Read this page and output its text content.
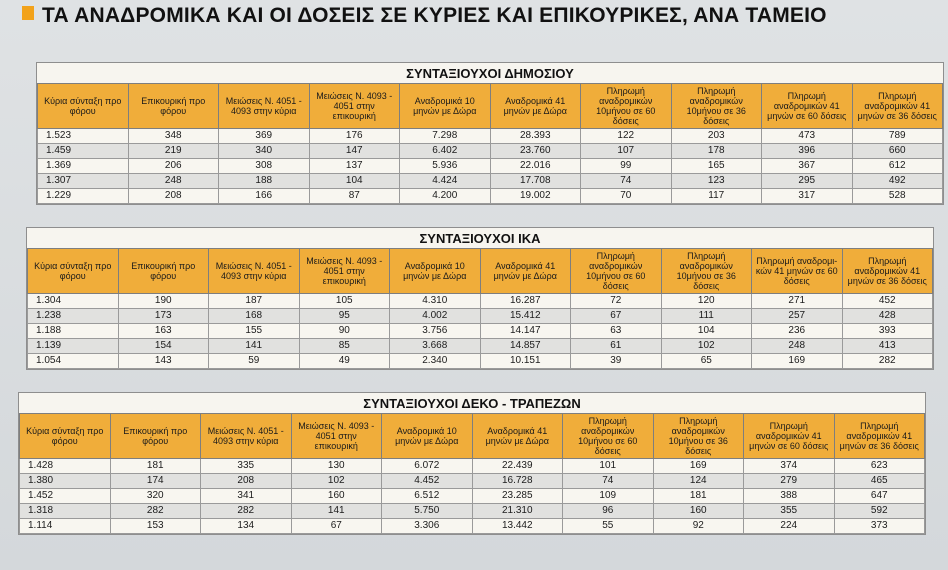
ΤΑ ΑΝΑΔΡΟΜΙΚΑ ΚΑΙ ΟΙ ΔΟΣΕΙΣ ΣΕ ΚΥΡΙΕΣ ΚΑΙ ΕΠΙΚΟΥΡΙΚΕΣ, ΑΝΑ ΤΑΜΕΙΟ
ΣΥΝΤΑΞΙΟΥΧΟΙ ΔΗΜΟΣΙΟΥ
Κύρια σύνταξη προ φόρου	Επικουρική προ φόρου	Μειώσεις Ν. 4051 - 4093 στην κύρια	Μειώσεις Ν. 4093 - 4051 στην επικουρική	Αναδρομικά 10 μηνών με Δώρα	Αναδρομικά 41 μηνών με Δώρα	Πληρωμή αναδρομικών 10μήνου σε 60 δόσεις	Πληρωμή αναδρομικών 10μήνου σε 36 δόσεις	Πληρωμή αναδρομικών 41 μηνών σε 60 δόσεις	Πληρωμή αναδρομικών 41 μηνών σε 36 δόσεις
1.523	348	369	176	7.298	28.393	122	203	473	789
1.459	219	340	147	6.402	23.760	107	178	396	660
1.369	206	308	137	5.936	22.016	99	165	367	612
1.307	248	188	104	4.424	17.708	74	123	295	492
1.229	208	166	87	4.200	19.002	70	117	317	528
ΣΥΝΤΑΞΙΟΥΧΟΙ ΙΚΑ
Κύρια σύνταξη προ φόρου	Επικουρική προ φόρου	Μειώσεις Ν. 4051 - 4093 στην κύρια	Μειώσεις Ν. 4093 - 4051 στην επικουρική	Αναδρομικά 10 μηνών με Δώρα	Αναδρομικά 41 μηνών με Δώρα	Πληρωμή αναδρομικών 10μήνου σε 60 δόσεις	Πληρωμή αναδρομικών 10μήνου σε 36 δόσεις	Πληρωμή αναδρομι-κών 41 μηνών σε 60 δόσεις	Πληρωμή αναδρομικών 41 μηνών σε 36 δόσεις
1.304	190	187	105	4.310	16.287	72	120	271	452
1.238	173	168	95	4.002	15.412	67	111	257	428
1.188	163	155	90	3.756	14.147	63	104	236	393
1.139	154	141	85	3.668	14.857	61	102	248	413
1.054	143	59	49	2.340	10.151	39	65	169	282
ΣΥΝΤΑΞΙΟΥΧΟΙ ΔΕΚΟ - ΤΡΑΠΕΖΩΝ
Κύρια σύνταξη προ φόρου	Επικουρική προ φόρου	Μειώσεις Ν. 4051 - 4093 στην κύρια	Μειώσεις Ν. 4093 - 4051 στην επικουρική	Αναδρομικά 10 μηνών με Δώρα	Αναδρομικά 41 μηνών με Δώρα	Πληρωμή αναδρομικών 10μήνου σε 60 δόσεις	Πληρωμή αναδρομικών 10μήνου σε 36 δόσεις	Πληρωμή αναδρομικών 41 μηνών σε 60 δόσεις	Πληρωμή αναδρομικών 41 μηνών σε 36 δόσεις
1.428	181	335	130	6.072	22.439	101	169	374	623
1.380	174	208	102	4.452	16.728	74	124	279	465
1.452	320	341	160	6.512	23.285	109	181	388	647
1.318	282	282	141	5.750	21.310	96	160	355	592
1.114	153	134	67	3.306	13.442	55	92	224	373
